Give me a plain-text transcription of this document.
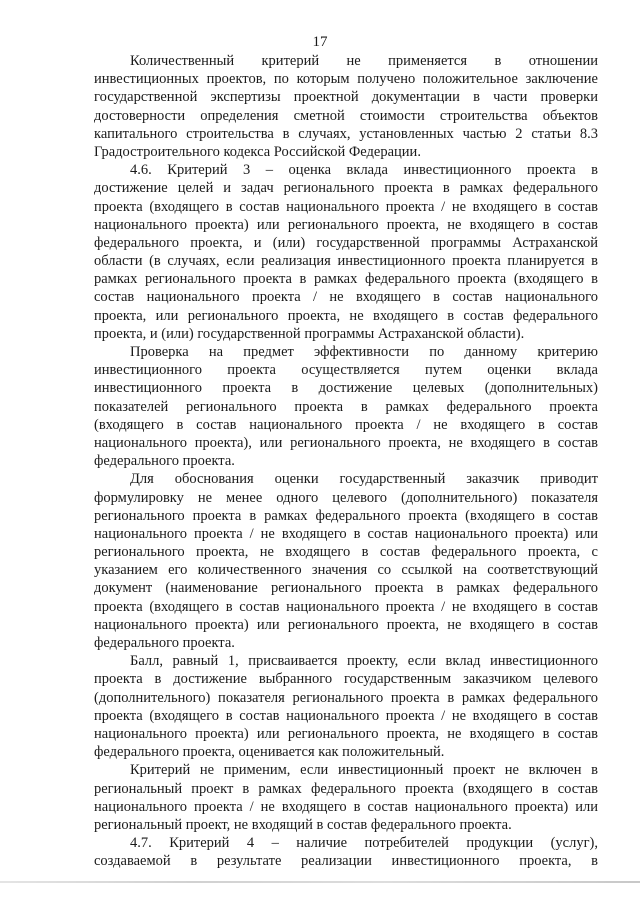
17
Количественный критерий не применяется в отношении
инвестиционных проектов, по которым получено положительное заключение
государственной экспертизы проектной документации в части проверки
достоверности определения сметной стоимости строительства объектов
капитального строительства в случаях, установленных частью 2 статьи 8.3
Градостроительного кодекса Российской Федерации.
4.6. Критерий 3 – оценка вклада инвестиционного проекта в
достижение целей и задач регионального проекта в рамках федерального
проекта (входящего в состав национального проекта / не входящего в состав
национального проекта) или регионального проекта, не входящего в состав
федерального проекта, и (или) государственной программы Астраханской
области (в случаях, если реализация инвестиционного проекта планируется в
рамках регионального проекта в рамках федерального проекта (входящего в
состав национального проекта / не входящего в состав национального
проекта, или регионального проекта, не входящего в состав федерального
проекта, и (или) государственной программы Астраханской области).
Проверка на предмет эффективности по данному критерию
инвестиционного проекта осуществляется путем оценки вклада
инвестиционного проекта в достижение целевых (дополнительных)
показателей регионального проекта в рамках федерального проекта
(входящего в состав национального проекта / не входящего в состав
национального проекта), или регионального проекта, не входящего в состав
федерального проекта.
Для обоснования оценки государственный заказчик приводит
формулировку не менее одного целевого (дополнительного) показателя
регионального проекта в рамках федерального проекта (входящего в состав
национального проекта / не входящего в состав национального проекта) или
регионального проекта, не входящего в состав федерального проекта, с
указанием его количественного значения со ссылкой на соответствующий
документ (наименование регионального проекта в рамках федерального
проекта (входящего в состав национального проекта / не входящего в состав
национального проекта) или регионального проекта, не входящего в состав
федерального проекта.
Балл, равный 1, присваивается проекту, если вклад инвестиционного
проекта в достижение выбранного государственным заказчиком целевого
(дополнительного) показателя регионального проекта в рамках федерального
проекта (входящего в состав национального проекта / не входящего в состав
национального проекта) или регионального проекта, не входящего в состав
федерального проекта, оценивается как положительный.
Критерий не применим, если инвестиционный проект не включен в
региональный проект в рамках федерального проекта (входящего в состав
национального проекта / не входящего в состав национального проекта) или
региональный проект, не входящий в состав федерального проекта.
4.7. Критерий 4 – наличие потребителей продукции (услуг),
создаваемой в результате реализации инвестиционного проекта, в
